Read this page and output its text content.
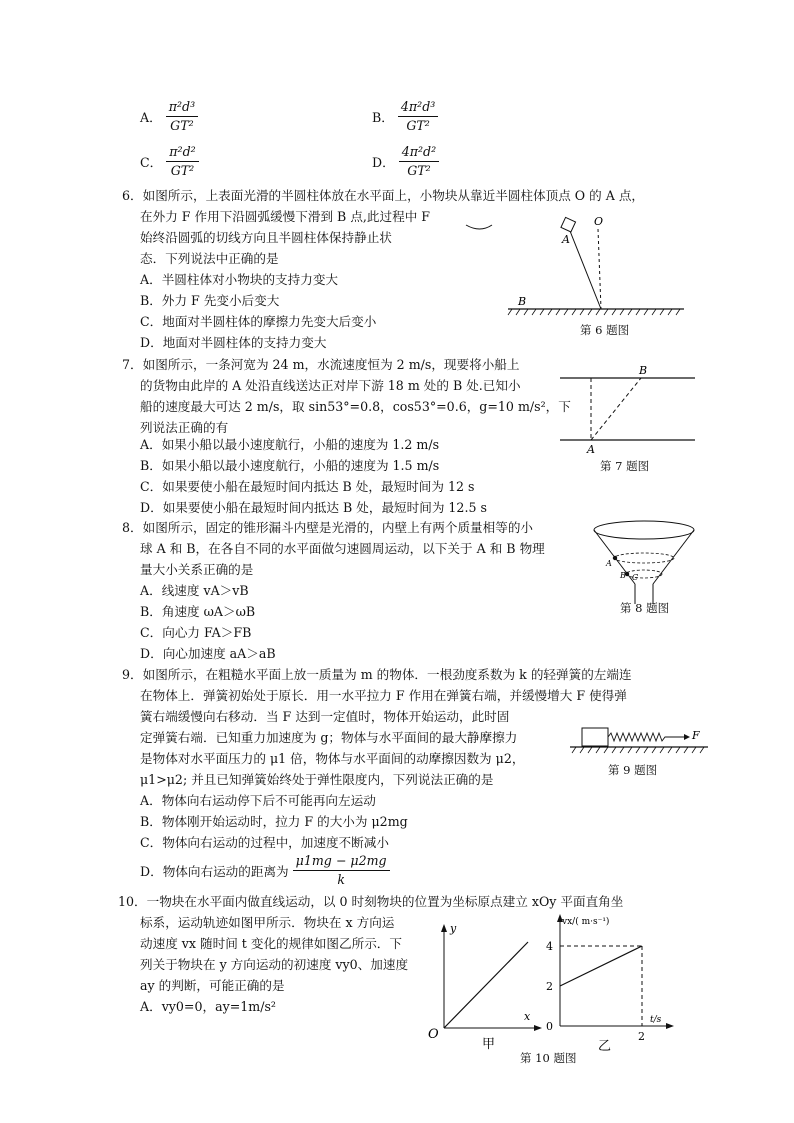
A． $\frac{\text{π²d³}}{\text{GT²}}$	B． $\frac{\text{4π²d³}}{\text{GT²}}$
C． $\frac{\text{π²d²}}{\text{GT²}}$	D． $\frac{\text{4π²d²}}{\text{GT²}}$
6．如图所示，上表面光滑的半圆柱体放在水平面上，小物块从靠近半圆柱体顶点 O 的 A 点，
在外力 F 作用下沿圆弧缓慢下滑到 B 点,此过程中 F
始终沿圆弧的切线方向且半圆柱体保持静止状
态．下列说法中正确的是
A．半圆柱体对小物块的支持力变大
B．外力 F 先变小后变大
C．地面对半圆柱体的摩擦力先变大后变小
D．地面对半圆柱体的支持力变大
O
A
B
第 6 题图
7．如图所示，一条河宽为 24 m，水流速度恒为 2 m/s，现要将小船上
的货物由此岸的 A 处沿直线送达正对岸下游 18 m 处的 B 处.已知小
船的速度最大可达 2 m/s，取 sin53°=0.8，cos53°=0.6，g=10 m/s²，下
列说法正确的有
A．如果小船以最小速度航行，小船的速度为 1.2 m/s
B．如果小船以最小速度航行，小船的速度为 1.5 m/s
C．如果要使小船在最短时间内抵达 B 处，最短时间为 12 s
D．如果要使小船在最短时间内抵达 B 处，最短时间为 12.5 s
A
B
第 7 题图
8．如图所示，固定的锥形漏斗内壁是光滑的，内壁上有两个质量相等的小
球 A 和 B，在各自不同的水平面做匀速圆周运动，以下关于 A 和 B 物理
量大小关系正确的是
A．线速度 vA＞vB
B．角速度 ωA＞ωB
C．向心力 FA＞FB
D．向心加速度 aA＞aB
A
B C
第 8 题图
9．如图所示，在粗糙水平面上放一质量为 m 的物体．一根劲度系数为 k 的轻弹簧的左端连
在物体上．弹簧初始处于原长．用一水平拉力 F 作用在弹簧右端，并缓慢增大 F 使得弹
簧右端缓慢向右移动．当 F 达到一定值时，物体开始运动，此时固
定弹簧右端．已知重力加速度为 g；物体与水平面间的最大静摩擦力
是物体对水平面压力的 μ1 倍，物体与水平面间的动摩擦因数为 μ2，
μ1>μ2; 并且已知弹簧始终处于弹性限度内，下列说法正确的是
A．物体向右运动停下后不可能再向左运动
B．物体刚开始运动时，拉力 F 的大小为 μ2mg
C．物体向右运动的过程中，加速度不断减小
D．物体向右运动的距离为 $\frac{\mu 1mg - \mu 2mg}{k}$
F
第 9 题图
10．一物块在水平面内做直线运动，以 0 时刻物块的位置为坐标原点建立 xOy 平面直角坐
标系，运动轨迹如图甲所示．物块在 x 方向运
动速度 vx 随时间 t 变化的规律如图乙所示．下
列关于物块在 y 方向运动的初速度 vy0、加速度
ay 的判断，可能正确的是
A．vy0=0，ay=1m/s²
y
x
O
甲
vx/( m·s⁻¹)
t/s
4
2
0
2
乙
第 10 题图
